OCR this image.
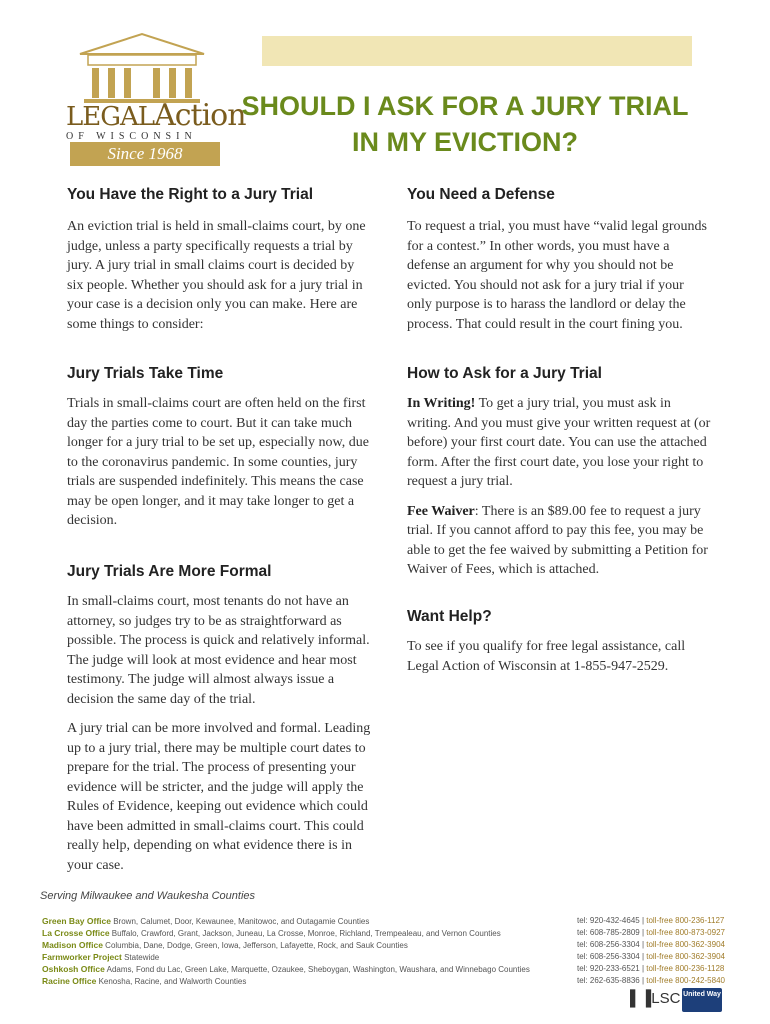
LEGALAction
OF WISCONSIN
Since 1968
SHOULD I ASK FOR A JURY TRIAL
IN MY EVICTION?
You Have the Right to a Jury Trial

An eviction trial is held in small-claims court, by one judge, unless a party specifically requests a trial by jury. A jury trial in small claims court is decided by six people. Whether you should ask for a jury trial in your case is a decision only you can make. Here are some things to consider:

Jury Trials Take Time

Trials in small-claims court are often held on the first day the parties come to court. But it can take much longer for a jury trial to be set up, especially now, due to the coronavirus pandemic. In some counties, jury trials are suspended indefinitely. This means the case may be open longer, and it may take longer to get a decision.

Jury Trials Are More Formal

In small-claims court, most tenants do not have an attorney, so judges try to be as straightforward as possible. The process is quick and relatively informal. The judge will look at most evidence and hear most testimony. The judge will almost always issue a decision the same day of the trial.

A jury trial can be more involved and formal. Leading up to a jury trial, there may be multiple court dates to prepare for the trial. The process of presenting your evidence will be stricter, and the judge will apply the Rules of Evidence, keeping out evidence which could have been admitted in small-claims court. This could really help, depending on what evidence there is in your case.

You Need a Defense

To request a trial, you must have “valid legal grounds for a contest.” In other words, you must have a defense an argument for why you should not be evicted. You should not ask for a jury trial if your only purpose is to harass the landlord or delay the process. That could result in the court fining you.

How to Ask for a Jury Trial

In Writing! To get a jury trial, you must ask in writing. And you must give your written request at (or before) your first court date. You can use the attached form. After the first court date, you lose your right to request a jury trial.

Fee Waiver: There is an $89.00 fee to request a jury trial. If you cannot afford to pay this fee, you may be able to get the fee waived by submitting a Petition for Waiver of Fees, which is attached.

Want Help?

To see if you qualify for free legal assistance, call Legal Action of Wisconsin at 1-855-947-2529.

Serving Milwaukee and Waukesha Counties
Green Bay Office Brown, Calumet, Door, Kewaunee, Manitowoc, and Outagamie Counties	tel: 920-432-4645 | toll-free 800-236-1127
La Crosse Office Buffalo, Crawford, Grant, Jackson, Juneau, La Crosse, Monroe, Richland, Trempealeau, and Vernon Counties	tel: 608-785-2809 | toll-free 800-873-0927
Madison Office Columbia, Dane, Dodge, Green, Iowa, Jefferson, Lafayette, Rock, and Sauk Counties	tel: 608-256-3304 | toll-free 800-362-3904
Farmworker Project Statewide	tel: 608-256-3304 | toll-free 800-362-3904
Oshkosh Office Adams, Fond du Lac, Green Lake, Marquette, Ozaukee, Sheboygan, Washington, Waushara, and Winnebago Counties	tel: 920-233-6521 | toll-free 800-236-1128
Racine Office Kenosha, Racine, and Walworth Counties	tel: 262-635-8836 | toll-free 800-242-5840
▌▐LSC United Way
